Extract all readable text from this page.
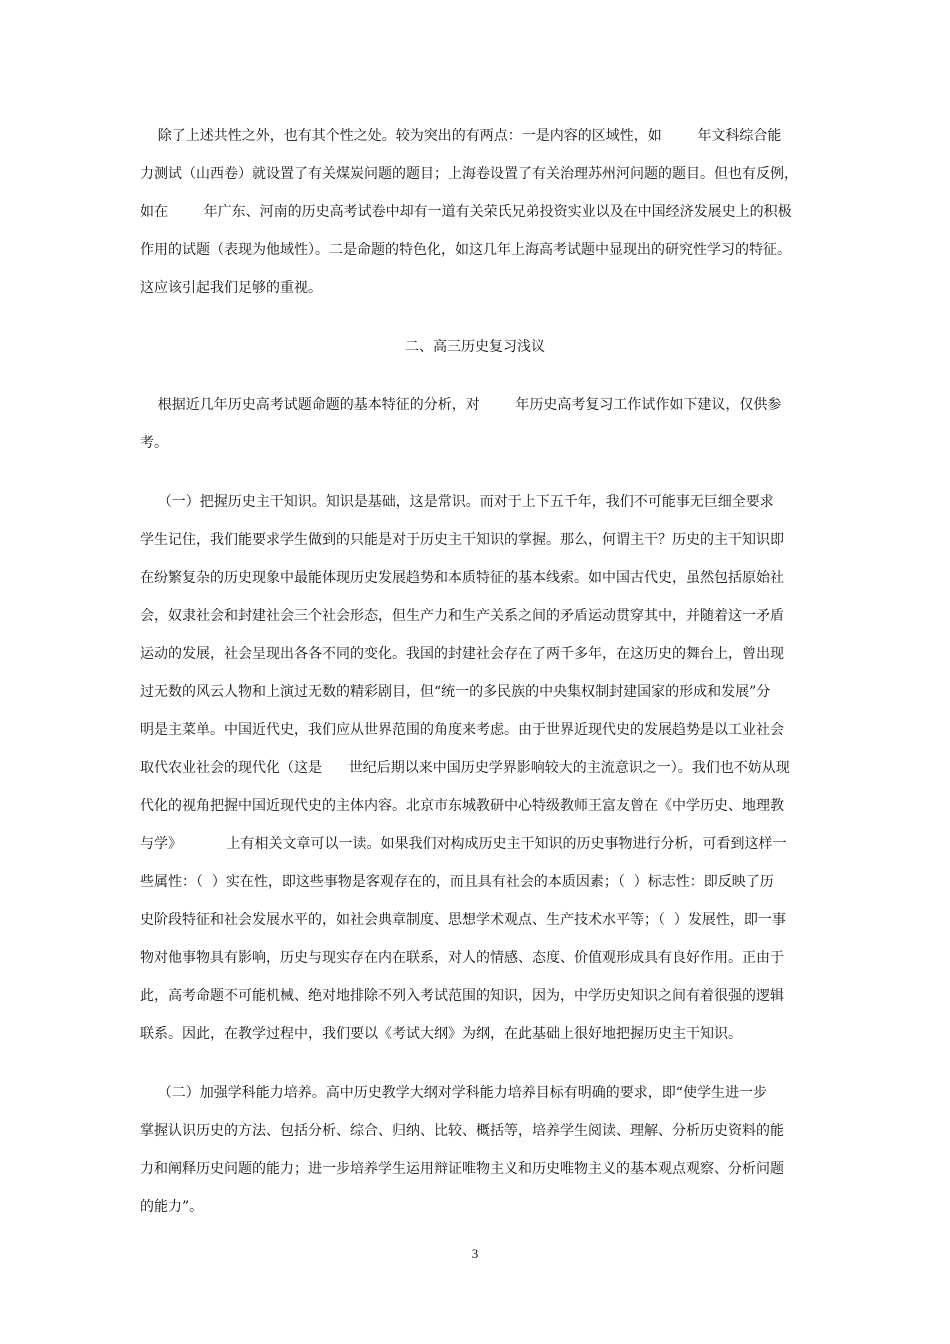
除了上述共性之外，也有其个性之处。较为突出的有两点：一是内容的区域性，如        年文科综合能
力测试（山西卷）就设置了有关煤炭问题的题目；上海卷设置了有关治理苏州河问题的题目。但也有反例，
如在        年广东、河南的历史高考试卷中却有一道有关荣氏兄弟投资实业以及在中国经济发展史上的积极
作用的试题（表现为他域性）。二是命题的特色化，如这几年上海高考试题中显现出的研究性学习的特征。
这应该引起我们足够的重视。
二、高三历史复习浅议
根据近几年历史高考试题命题的基本特征的分析，对        年历史高考复习工作试作如下建议，仅供参
考。
（一）把握历史主干知识。知识是基础，这是常识。而对于上下五千年，我们不可能事无巨细全要求
学生记住，我们能要求学生做到的只能是对于历史主干知识的掌握。那么，何谓主干？历史的主干知识即
在纷繁复杂的历史现象中最能体现历史发展趋势和本质特征的基本线索。如中国古代史，虽然包括原始社
会，奴隶社会和封建社会三个社会形态，但生产力和生产关系之间的矛盾运动贯穿其中，并随着这一矛盾
运动的发展，社会呈现出各各不同的变化。我国的封建社会存在了两千多年，在这历史的舞台上，曾出现
过无数的风云人物和上演过无数的精彩剧目，但“统一的多民族的中央集权制封建国家的形成和发展”分
明是主菜单。中国近代史，我们应从世界范围的角度来考虑。由于世界近现代史的发展趋势是以工业社会
取代农业社会的现代化（这是      世纪后期以来中国历史学界影响较大的主流意识之一）。我们也不妨从现
代化的视角把握中国近现代史的主体内容。北京市东城教研中心特级教师王富友曾在《中学历史、地理教
与学》          上有相关文章可以一读。如果我们对构成历史主干知识的历史事物进行分析，可看到这样一
些属性：（  ）实在性，即这些事物是客观存在的，而且具有社会的本质因素；（  ）标志性：即反映了历
史阶段特征和社会发展水平的，如社会典章制度、思想学术观点、生产技术水平等；（  ）发展性，即一事
物对他事物具有影响，历史与现实存在内在联系，对人的情感、态度、价值观形成具有良好作用。正由于
此，高考命题不可能机械、绝对地排除不列入考试范围的知识，因为，中学历史知识之间有着很强的逻辑
联系。因此，在教学过程中，我们要以《考试大纲》为纲，在此基础上很好地把握历史主干知识。
（二）加强学科能力培养。高中历史教学大纲对学科能力培养目标有明确的要求，即“使学生进一步
掌握认识历史的方法、包括分析、综合、归纳、比较、概括等，培养学生阅读、理解、分析历史资料的能
力和阐释历史问题的能力；进一步培养学生运用辩证唯物主义和历史唯物主义的基本观点观察、分析问题
的能力”。
3
